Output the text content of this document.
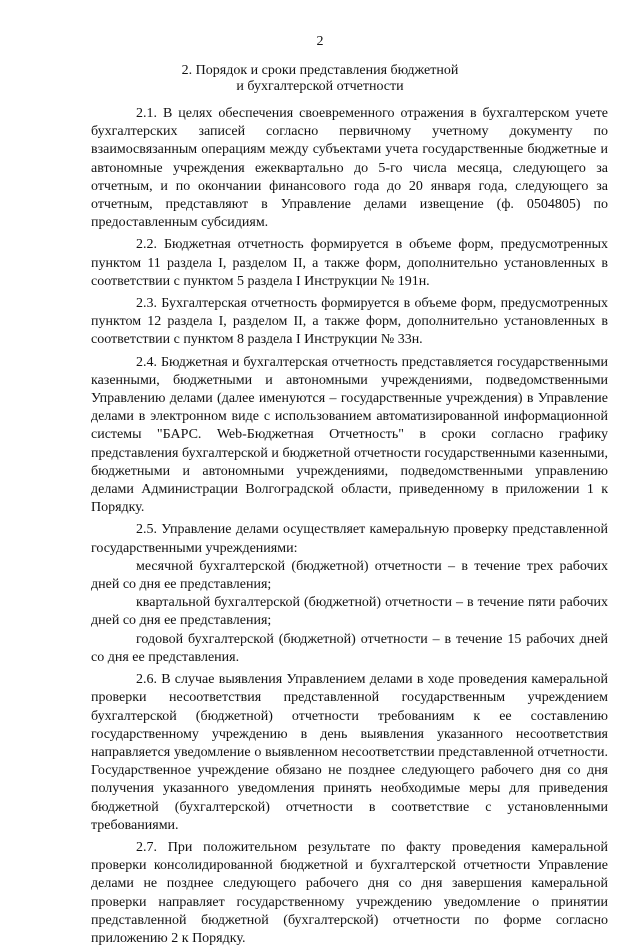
2
2. Порядок и сроки представления бюджетной
и бухгалтерской отчетности

2.1. В целях обеспечения своевременного отражения в бухгалтерском учете бухгалтерских записей согласно первичному учетному документу по взаимосвязанным операциям между субъектами учета государственные бюджетные и автономные учреждения ежеквартально до 5-го числа месяца, следующего за отчетным, и по окончании финансового года до 20 января года, следующего за отчетным, представляют в Управление делами извещение (ф. 0504805) по предоставленным субсидиям.

2.2. Бюджетная отчетность формируется в объеме форм, предусмотренных пунктом 11 раздела I, разделом II, а также форм, дополнительно установленных в соответствии с пунктом 5 раздела I Инструкции № 191н.

2.3. Бухгалтерская отчетность формируется в объеме форм, предусмотренных пунктом 12 раздела I, разделом II, а также форм, дополнительно установленных в соответствии с пунктом 8 раздела I Инструкции № 33н.

2.4. Бюджетная и бухгалтерская отчетность представляется государственными казенными, бюджетными и автономными учреждениями, подведомственными Управлению делами (далее именуются – государственные учреждения) в Управление делами в электронном виде с использованием автоматизированной информационной системы "БАРС. Web-Бюджетная Отчетность" в сроки согласно графику представления бухгалтерской и бюджетной отчетности государственными казенными, бюджетными и автономными учреждениями, подведомственными управлению делами Администрации Волгоградской области, приведенному в приложении 1 к Порядку.

2.5. Управление делами осуществляет камеральную проверку представленной государственными учреждениями:

месячной бухгалтерской (бюджетной) отчетности – в течение трех рабочих дней со дня ее представления;

квартальной бухгалтерской (бюджетной) отчетности – в течение пяти рабочих дней со дня ее представления;

годовой бухгалтерской (бюджетной) отчетности – в течение 15 рабочих дней со дня ее представления.

2.6. В случае выявления Управлением делами в ходе проведения камеральной проверки несоответствия представленной государственным учреждением бухгалтерской (бюджетной) отчетности требованиям к ее составлению государственному учреждению в день выявления указанного несоответствия направляется уведомление о выявленном несоответствии представленной отчетности. Государственное учреждение обязано не позднее следующего рабочего дня со дня получения указанного уведомления принять необходимые меры для приведения бюджетной (бухгалтерской) отчетности в соответствие с установленными требованиями.

2.7. При положительном результате по факту проведения камеральной проверки консолидированной бюджетной и бухгалтерской отчетности Управление делами не позднее следующего рабочего дня со дня завершения камеральной проверки направляет государственному учреждению уведомление о принятии представленной бюджетной (бухгалтерской) отчетности по форме согласно приложению 2 к Порядку.
